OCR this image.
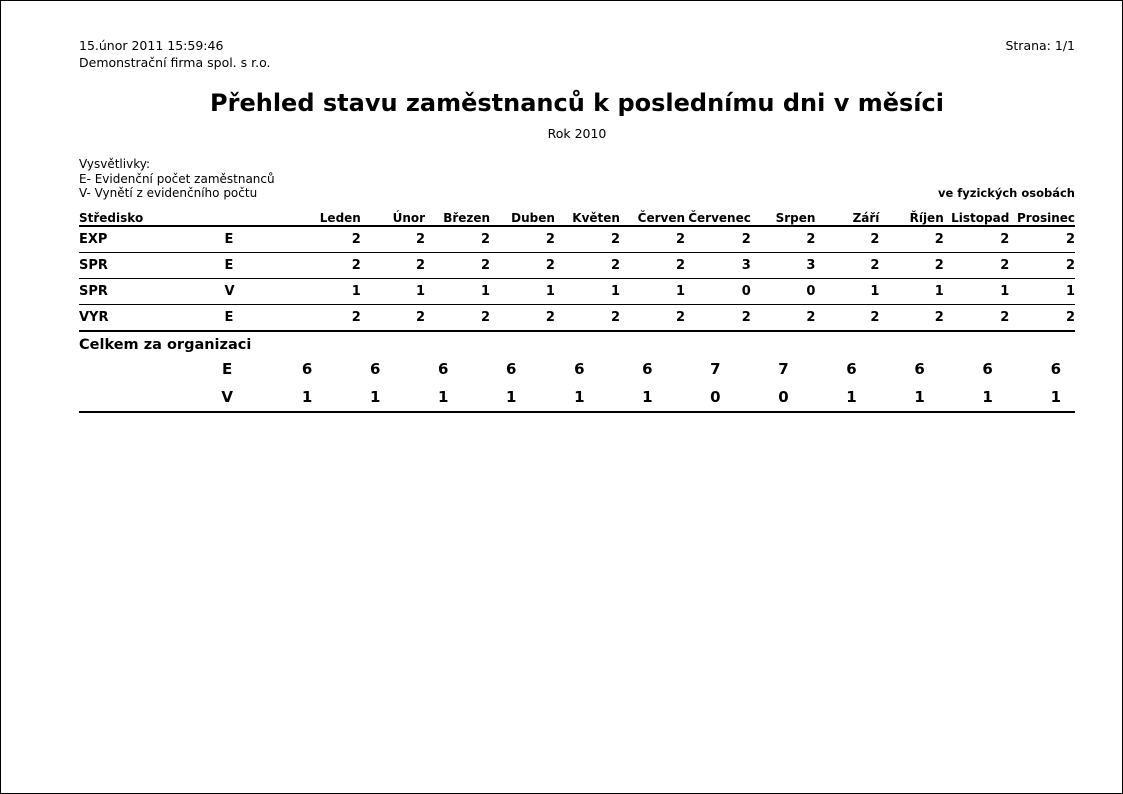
15.únor 2011 15:59:46
Demonstrační firma spol. s r.o.
Strana: 1/1
Přehled stavu zaměstnanců k poslednímu dni v měsíci
Rok 2010
Vysvětlivky:
E- Evidenční počet zaměstnanců
V- Vynětí z evidenčního počtu	ve fyzických osobách
Středisko		Leden	Únor	Březen	Duben	Květen	Červen	Červenec	Srpen	Září	Říjen	Listopad	Prosinec
EXP	E	2	2	2	2	2	2	2	2	2	2	2	2
SPR	E	2	2	2	2	2	2	3	3	2	2	2	2
SPR	V	1	1	1	1	1	1	0	0	1	1	1	1
VYR	E	2	2	2	2	2	2	2	2	2	2	2	2
Celkem za organizaci
	E	6	6	6	6	6	6	7	7	6	6	6	6
	V	1	1	1	1	1	1	0	0	1	1	1	1
